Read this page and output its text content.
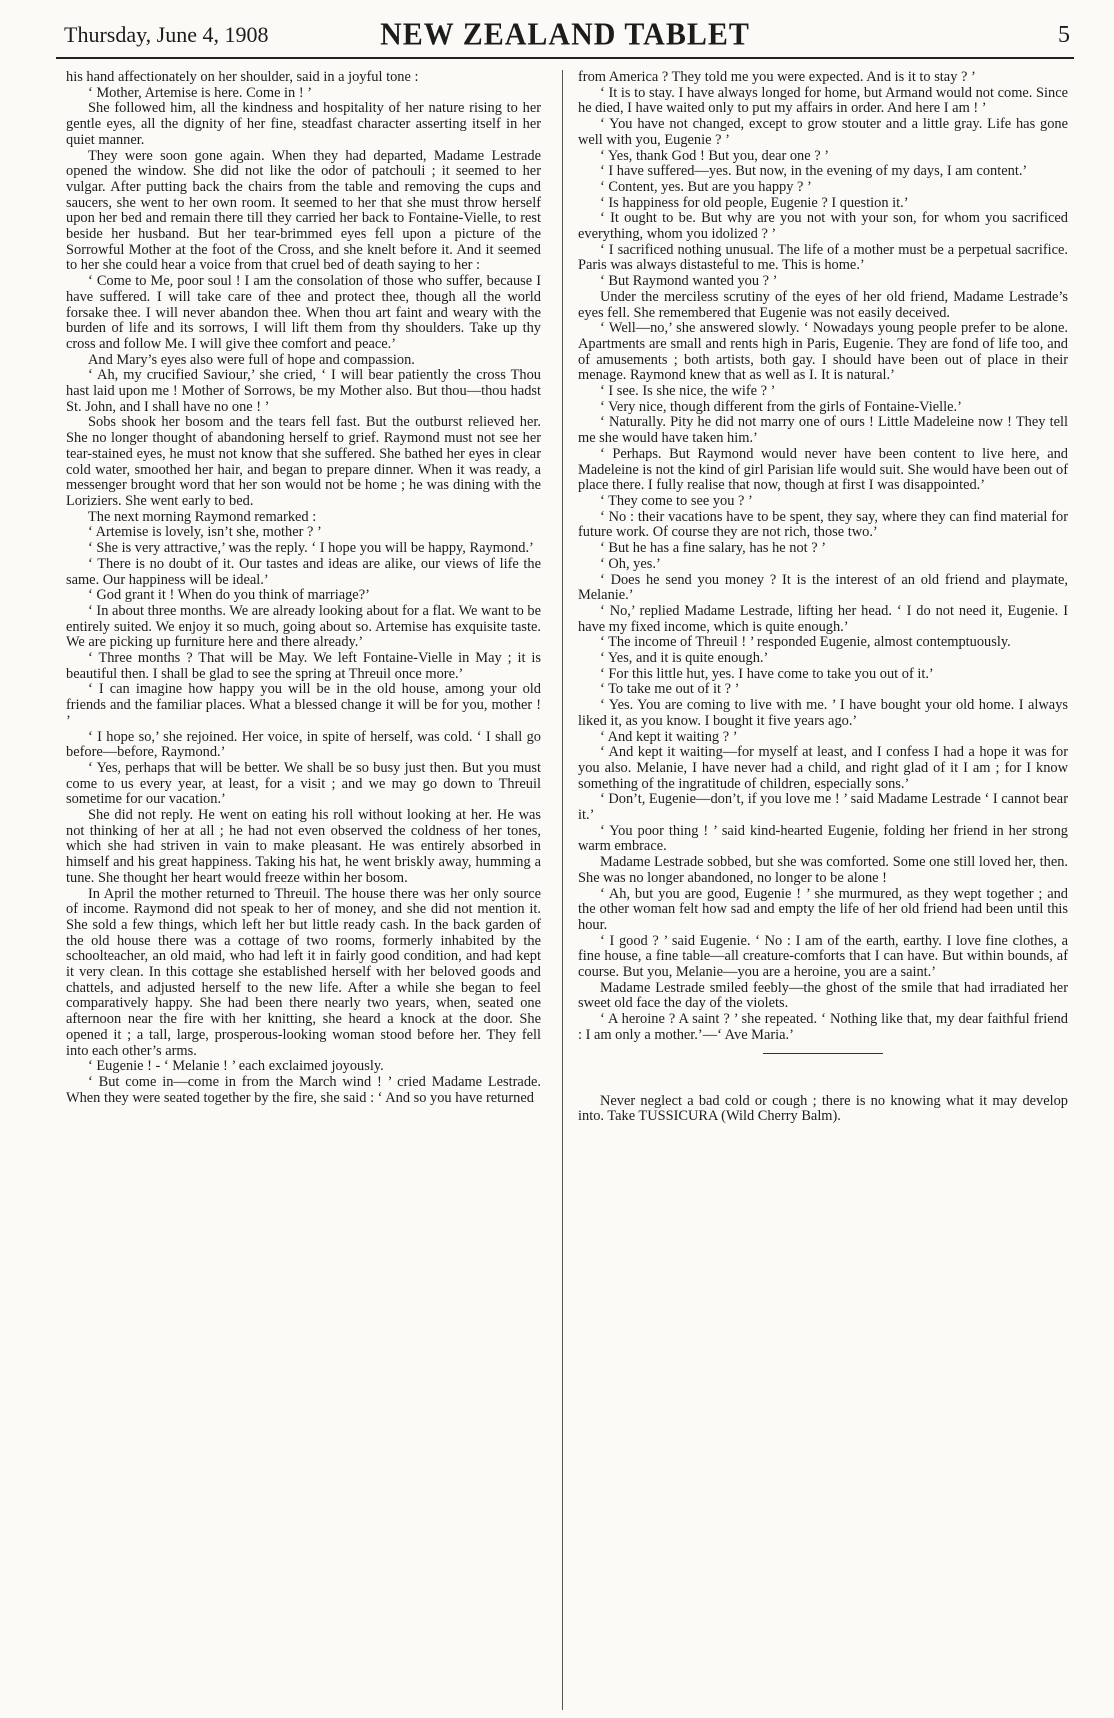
Thursday, June 4, 1908	NEW ZEALAND TABLET	5

his hand affectionately on her shoulder, said in a joyful tone :

‘ Mother, Artemise is here. Come in ! ’

She followed him, all the kindness and hospitality of her nature rising to her gentle eyes, all the dignity of her fine, steadfast character asserting itself in her quiet manner.

They were soon gone again. When they had departed, Madame Lestrade opened the window. She did not like the odor of patchouli ; it seemed to her vulgar. After putting back the chairs from the table and removing the cups and saucers, she went to her own room. It seemed to her that she must throw herself upon her bed and remain there till they carried her back to Fontaine-Vielle, to rest beside her husband. But her tear-brimmed eyes fell upon a picture of the Sorrowful Mother at the foot of the Cross, and she knelt before it. And it seemed to her she could hear a voice from that cruel bed of death saying to her :

‘ Come to Me, poor soul ! I am the consolation of those who suffer, because I have suffered. I will take care of thee and protect thee, though all the world forsake thee. I will never abandon thee. When thou art faint and weary with the burden of life and its sorrows, I will lift them from thy shoulders. Take up thy cross and follow Me. I will give thee comfort and peace.’

And Mary’s eyes also were full of hope and compassion.

‘ Ah, my crucified Saviour,’ she cried, ‘ I will bear patiently the cross Thou hast laid upon me ! Mother of Sorrows, be my Mother also. But thou—thou hadst St. John, and I shall have no one ! ’

Sobs shook her bosom and the tears fell fast. But the outburst relieved her. She no longer thought of abandoning herself to grief. Raymond must not see her tear-stained eyes, he must not know that she suffered. She bathed her eyes in clear cold water, smoothed her hair, and began to prepare dinner. When it was ready, a messenger brought word that her son would not be home ; he was dining with the Loriziers. She went early to bed.

The next morning Raymond remarked :

‘ Artemise is lovely, isn’t she, mother ? ’

‘ She is very attractive,’ was the reply. ‘ I hope you will be happy, Raymond.’

‘ There is no doubt of it. Our tastes and ideas are alike, our views of life the same. Our happiness will be ideal.’

‘ God grant it ! When do you think of marriage?’

‘ In about three months. We are already looking about for a flat. We want to be entirely suited. We enjoy it so much, going about so. Artemise has exquisite taste. We are picking up furniture here and there already.’

‘ Three months ? That will be May. We left Fontaine-Vielle in May ; it is beautiful then. I shall be glad to see the spring at Threuil once more.’

‘ I can imagine how happy you will be in the old house, among your old friends and the familiar places. What a blessed change it will be for you, mother ! ’

‘ I hope so,’ she rejoined. Her voice, in spite of herself, was cold. ‘ I shall go before—before, Raymond.’

‘ Yes, perhaps that will be better. We shall be so busy just then. But you must come to us every year, at least, for a visit ; and we may go down to Threuil sometime for our vacation.’

She did not reply. He went on eating his roll without looking at her. He was not thinking of her at all ; he had not even observed the coldness of her tones, which she had striven in vain to make pleasant. He was entirely absorbed in himself and his great happiness. Taking his hat, he went briskly away, humming a tune. She thought her heart would freeze within her bosom.

In April the mother returned to Threuil. The house there was her only source of income. Raymond did not speak to her of money, and she did not mention it. She sold a few things, which left her but little ready cash. In the back garden of the old house there was a cottage of two rooms, formerly inhabited by the schoolteacher, an old maid, who had left it in fairly good condition, and had kept it very clean. In this cottage she established herself with her beloved goods and chattels, and adjusted herself to the new life. After a while she began to feel comparatively happy. She had been there nearly two years, when, seated one afternoon near the fire with her knitting, she heard a knock at the door. She opened it ; a tall, large, prosperous-looking woman stood before her. They fell into each other’s arms.

‘ Eugenie ! - ‘ Melanie ! ’ each exclaimed joyously.

‘ But come in—come in from the March wind ! ’ cried Madame Lestrade. When they were seated together by the fire, she said : ‘ And so you have returned

from America ? They told me you were expected. And is it to stay ? ’

‘ It is to stay. I have always longed for home, but Armand would not come. Since he died, I have waited only to put my affairs in order. And here I am ! ’

‘ You have not changed, except to grow stouter and a little gray. Life has gone well with you, Eugenie ? ’

‘ Yes, thank God ! But you, dear one ? ’

‘ I have suffered—yes. But now, in the evening of my days, I am content.’

‘ Content, yes. But are you happy ? ’

‘ Is happiness for old people, Eugenie ? I question it.’

‘ It ought to be. But why are you not with your son, for whom you sacrificed everything, whom you idolized ? ’

‘ I sacrificed nothing unusual. The life of a mother must be a perpetual sacrifice. Paris was always distasteful to me. This is home.’

‘ But Raymond wanted you ? ’

Under the merciless scrutiny of the eyes of her old friend, Madame Lestrade’s eyes fell. She remembered that Eugenie was not easily deceived.

‘ Well—no,’ she answered slowly. ‘ Nowadays young people prefer to be alone. Apartments are small and rents high in Paris, Eugenie. They are fond of life too, and of amusements ; both artists, both gay. I should have been out of place in their menage. Raymond knew that as well as I. It is natural.’

‘ I see. Is she nice, the wife ? ’

‘ Very nice, though different from the girls of Fontaine-Vielle.’

‘ Naturally. Pity he did not marry one of ours ! Little Madeleine now ! They tell me she would have taken him.’

‘ Perhaps. But Raymond would never have been content to live here, and Madeleine is not the kind of girl Parisian life would suit. She would have been out of place there. I fully realise that now, though at first I was disappointed.’

‘ They come to see you ? ’

‘ No : their vacations have to be spent, they say, where they can find material for future work. Of course they are not rich, those two.’

‘ But he has a fine salary, has he not ? ’

‘ Oh, yes.’

‘ Does he send you money ? It is the interest of an old friend and playmate, Melanie.’

‘ No,’ replied Madame Lestrade, lifting her head. ‘ I do not need it, Eugenie. I have my fixed income, which is quite enough.’

‘ The income of Threuil ! ’ responded Eugenie, almost contemptuously.

‘ Yes, and it is quite enough.’

‘ For this little hut, yes. I have come to take you out of it.’

‘ To take me out of it ? ’

‘ Yes. You are coming to live with me. ’ I have bought your old home. I always liked it, as you know. I bought it five years ago.’

‘ And kept it waiting ? ’

‘ And kept it waiting—for myself at least, and I confess I had a hope it was for you also. Melanie, I have never had a child, and right glad of it I am ; for I know something of the ingratitude of children, especially sons.’

‘ Don’t, Eugenie—don’t, if you love me ! ’ said Madame Lestrade ‘ I cannot bear it.’

‘ You poor thing ! ’ said kind-hearted Eugenie, folding her friend in her strong warm embrace.

Madame Lestrade sobbed, but she was comforted. Some one still loved her, then. She was no longer abandoned, no longer to be alone !

‘ Ah, but you are good, Eugenie ! ’ she murmured, as they wept together ; and the other woman felt how sad and empty the life of her old friend had been until this hour.

‘ I good ? ’ said Eugenie. ‘ No : I am of the earth, earthy. I love fine clothes, a fine house, a fine table—all creature-comforts that I can have. But within bounds, af course. But you, Melanie—you are a heroine, you are a saint.’

Madame Lestrade smiled feebly—the ghost of the smile that had irradiated her sweet old face the day of the violets.

‘ A heroine ? A saint ? ’ she repeated. ‘ Nothing like that, my dear faithful friend : I am only a mother.’—‘ Ave Maria.’

Never neglect a bad cold or cough ; there is no knowing what it may develop into. Take TUSSICURA (Wild Cherry Balm).
